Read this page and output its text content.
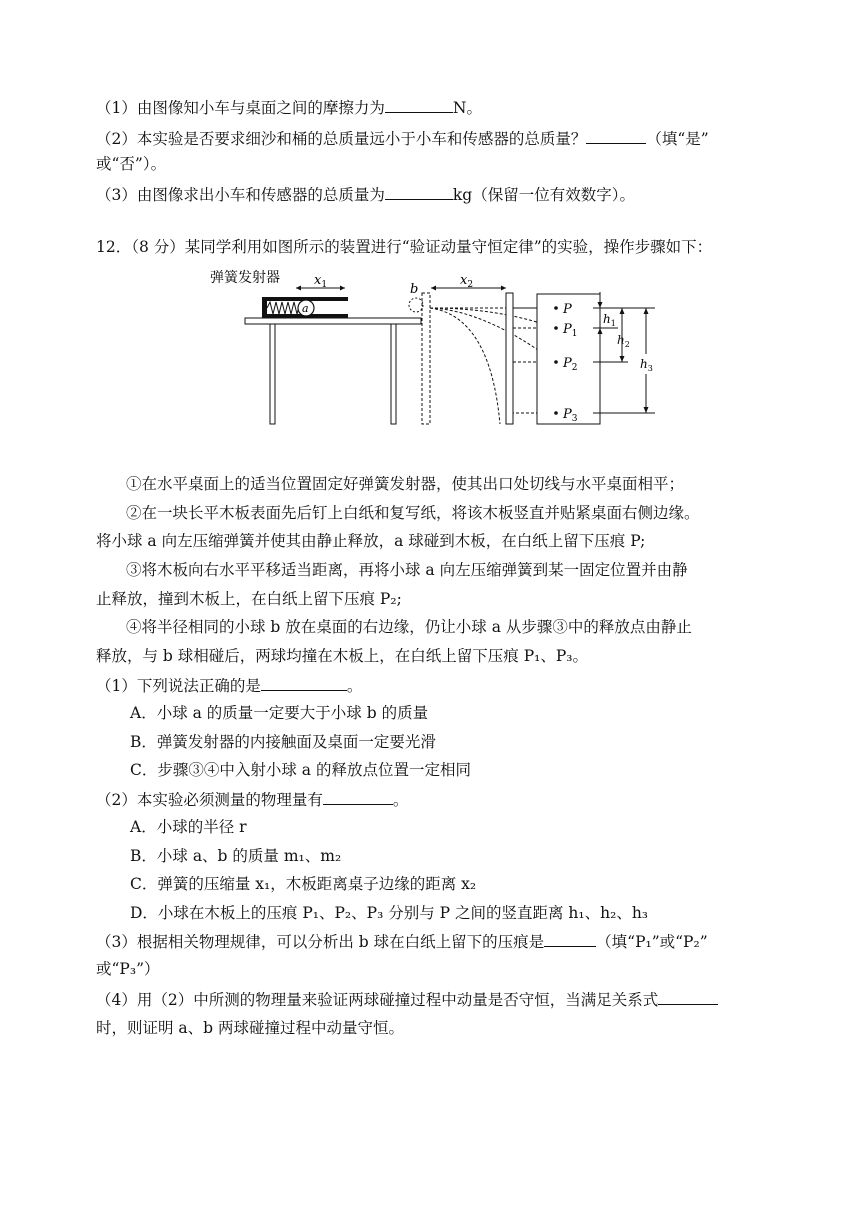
（1）由图像知小车与桌面之间的摩擦力为	N。
（2）本实验是否要求细沙和桶的总质量远小于小车和传感器的总质量？	（填“是”
或“否”）。
（3）由图像求出小车和传感器的总质量为	kg（保留一位有效数字）。
12．（8 分）某同学利用如图所示的装置进行“验证动量守恒定律”的实验，操作步骤如下：
弹簧发射器	$x_1$
a
b
$x_2$
P
$P_1$
$P_2$
$P_3$
$h_1$
$h_2$
$h_3$
①在水平桌面上的适当位置固定好弹簧发射器，使其出口处切线与水平桌面相平；
②在一块长平木板表面先后钉上白纸和复写纸，将该木板竖直并贴紧桌面右侧边缘。
将小球 a 向左压缩弹簧并使其由静止释放，a 球碰到木板，在白纸上留下压痕 P;
③将木板向右水平平移适当距离，再将小球 a 向左压缩弹簧到某一固定位置并由静
止释放，撞到木板上，在白纸上留下压痕 P₂;
④将半径相同的小球 b 放在桌面的右边缘，仍让小球 a 从步骤③中的释放点由静止
释放，与 b 球相碰后，两球均撞在木板上，在白纸上留下压痕 P₁、P₃。
（1）下列说法正确的是	。
A．小球 a 的质量一定要大于小球 b 的质量
B．弹簧发射器的内接触面及桌面一定要光滑
C．步骤③④中入射小球 a 的释放点位置一定相同
（2）本实验必须测量的物理量有	。
A．小球的半径 r
B．小球 a、b 的质量 m₁、m₂
C．弹簧的压缩量 x₁，木板距离桌子边缘的距离 x₂
D．小球在木板上的压痕 P₁、P₂、P₃ 分别与 P 之间的竖直距离 h₁、h₂、h₃
（3）根据相关物理规律，可以分析出 b 球在白纸上留下的压痕是	（填“P₁”或“P₂”
或“P₃”）
（4）用（2）中所测的物理量来验证两球碰撞过程中动量是否守恒，当满足关系式
时，则证明 a、b 两球碰撞过程中动量守恒。
